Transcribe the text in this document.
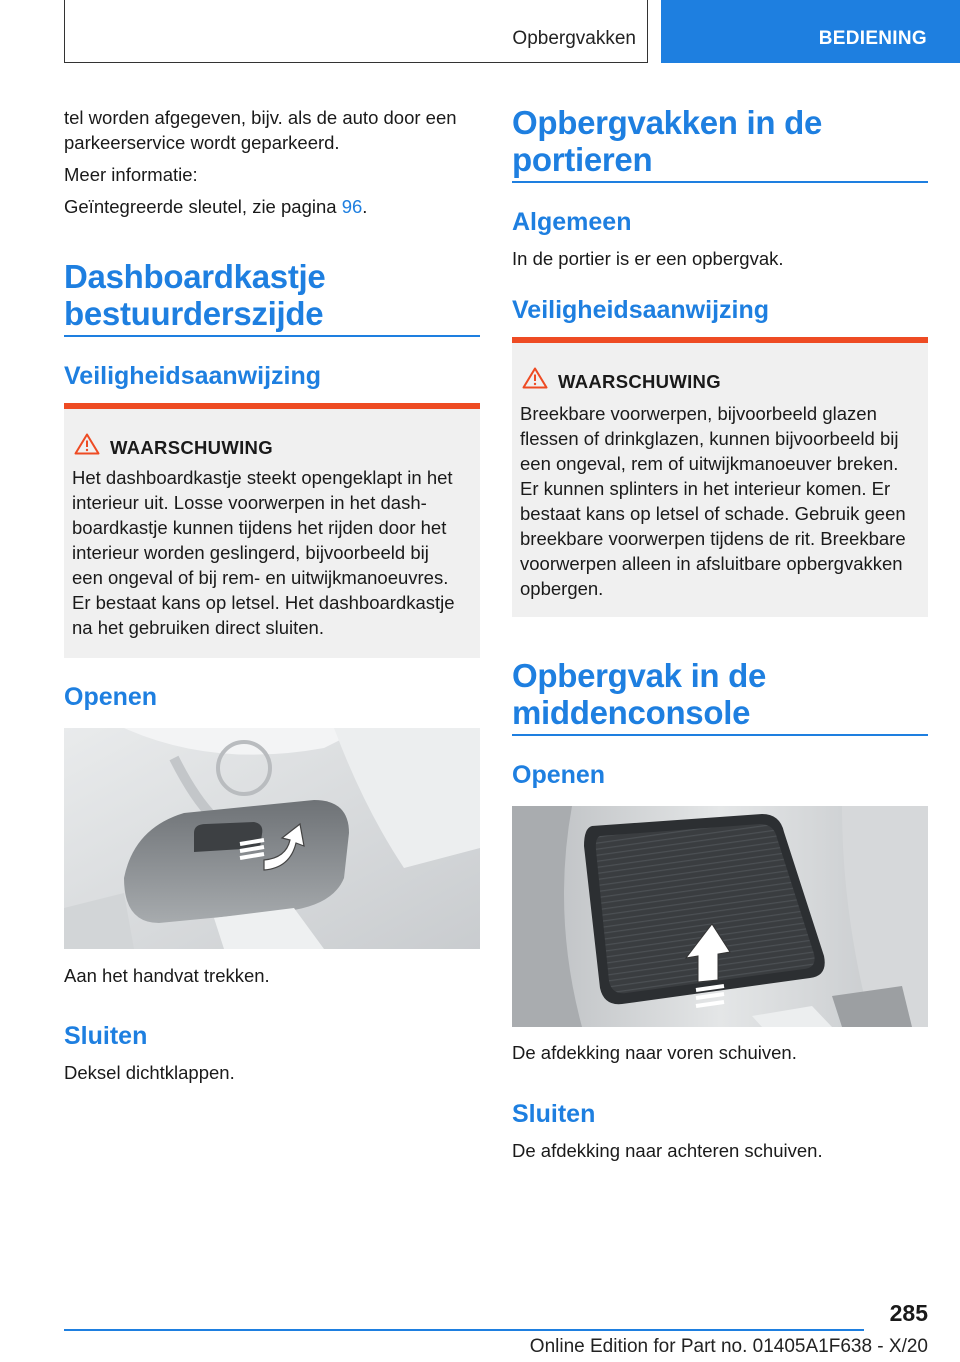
Opbergvakken	BEDIENING
tel worden afgegeven, bijv. als de auto door een
parkeerservice wordt geparkeerd.
Meer informatie:
Geïntegreerde sleutel, zie pagina 96.
Dashboardkastje
bestuurderszijde
Veiligheidsaanwijzing
WAARSCHUWING
Het dashboardkastje steekt opengeklapt in het
interieur uit. Losse voorwerpen in het dash‐
boardkastje kunnen tijdens het rijden door het
interieur worden geslingerd, bijvoorbeeld bij
een ongeval of bij rem- en uitwijkmanoeuvres.
Er bestaat kans op letsel. Het dashboardkastje
na het gebruiken direct sluiten.
Openen
Aan het handvat trekken.
Sluiten
Deksel dichtklappen.
Opbergvakken in de
portieren
Algemeen
In de portier is er een opbergvak.
Veiligheidsaanwijzing
WAARSCHUWING
Breekbare voorwerpen, bijvoorbeeld glazen
flessen of drinkglazen, kunnen bijvoorbeeld bij
een ongeval, rem of uitwijkmanoeuver breken.
Er kunnen splinters in het interieur komen. Er
bestaat kans op letsel of schade. Gebruik geen
breekbare voorwerpen tijdens de rit. Breekbare
voorwerpen alleen in afsluitbare opbergvakken
opbergen.
Opbergvak in de
middenconsole
Openen
De afdekking naar voren schuiven.
Sluiten
De afdekking naar achteren schuiven.
285
Online Edition for Part no. 01405A1F638 - X/20
